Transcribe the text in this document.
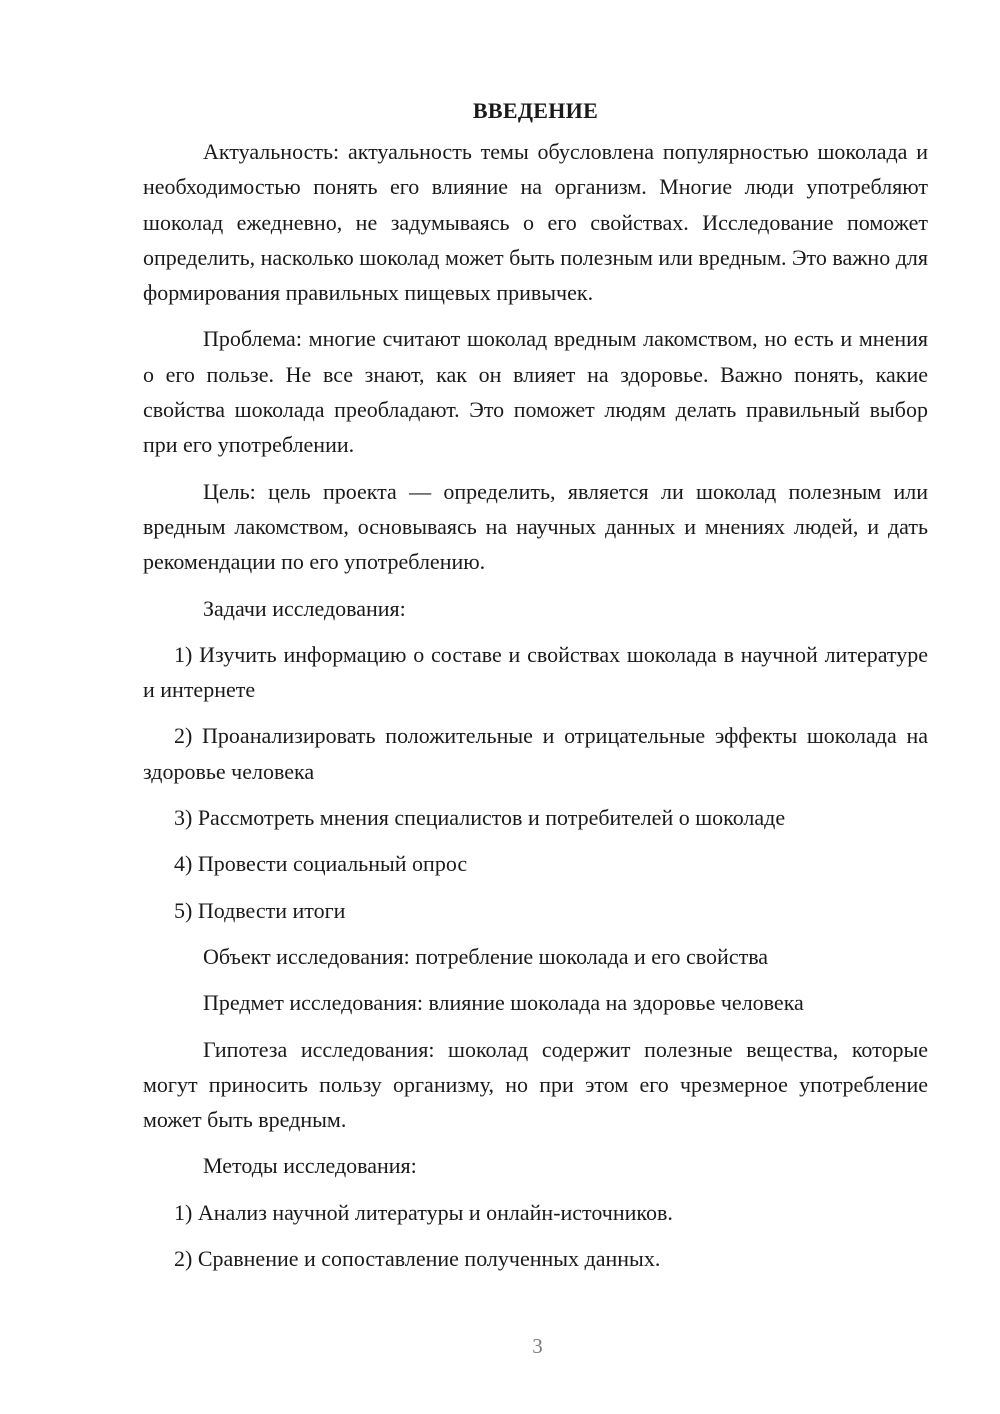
ВВЕДЕНИЕ

Актуальность: актуальность темы обусловлена популярностью шоколада и необходимостью понять его влияние на организм. Многие люди употребляют шоколад ежедневно, не задумываясь о его свойствах. Исследование поможет определить, насколько шоколад может быть полезным или вредным. Это важно для формирования правильных пищевых привычек.

Проблема: многие считают шоколад вредным лакомством, но есть и мнения о его пользе. Не все знают, как он влияет на здоровье. Важно понять, какие свойства шоколада преобладают. Это поможет людям делать правильный выбор при его употреблении.

Цель: цель проекта — определить, является ли шоколад полезным или вредным лакомством, основываясь на научных данных и мнениях людей, и дать рекомендации по его употреблению.

Задачи исследования:

1) Изучить информацию о составе и свойствах шоколада в научной литературе и интернете

2) Проанализировать положительные и отрицательные эффекты шоколада на здоровье человека

3) Рассмотреть мнения специалистов и потребителей о шоколаде

4) Провести социальный опрос

5) Подвести итоги

Объект исследования: потребление шоколада и его свойства

Предмет исследования: влияние шоколада на здоровье человека

Гипотеза исследования: шоколад содержит полезные вещества, которые могут приносить пользу организму, но при этом его чрезмерное употребление может быть вредным.

Методы исследования:

1) Анализ научной литературы и онлайн-источников.

2) Сравнение и сопоставление полученных данных.

3
